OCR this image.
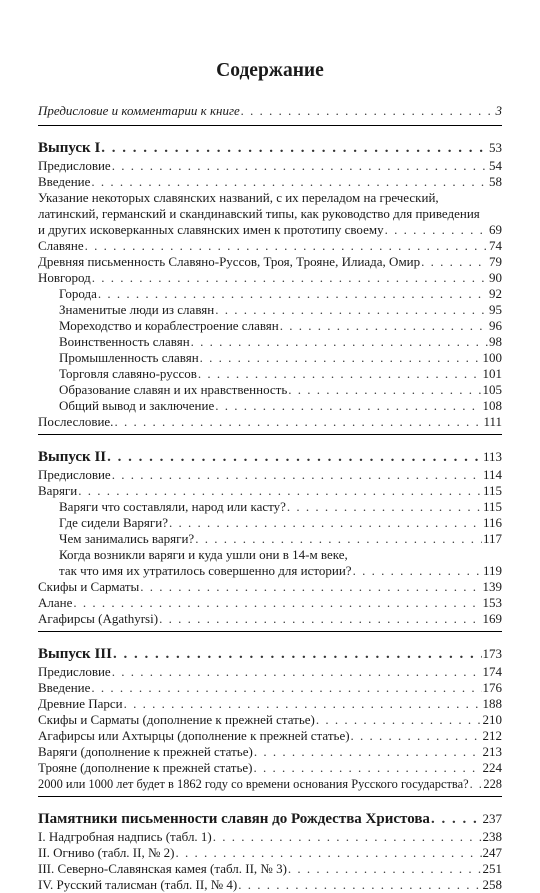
Содержание
Предисловие и комментарии к книге . . .	3
Выпуск I . . .	53
Предисловие . . .	54
Введение . . .	58
Указание некоторых славянских названий, с их переладом на греческий,
латинский, германский и скандинавский типы, как руководство для приведения
и других исковерканных славянских имен к прототипу своему . . .	69
Славяне . . .	74
Древняя письменность Славяно-Руссов, Троя, Трояне, Илиада, Омир . . .	79
Новгород . . .	90
Города . . .	92
Знаменитые люди из славян . . .	95
Мореходство и кораблестроение славян . . .	96
Воинственность славян . . .	98
Промышленность славян . . .	100
Торговля славяно-руссов . . .	101
Образование славян и их нравственность . . .	105
Общий вывод и заключение . . .	108
Послесловие. . . .	111
Выпуск II . . .	113
Предисловие . . .	114
Варяги . . .	115
Варяги что составляли, народ или касту? . . .	115
Где сидели Варяги? . . .	116
Чем занимались варяги? . . .	117
Когда возникли варяги и куда ушли они в 14-м веке,
так что имя их утратилось совершенно для истории? . . .	119
Скифы и Сарматы . . .	139
Алане . . .	153
Агафирсы (Agathyrsi) . . .	169
Выпуск III . . .	173
Предисловие . . .	174
Введение . . .	176
Древние Парси . . .	188
Скифы и Сарматы (дополнение к прежней статье) . . .	210
Агафирсы или Ахтырцы (дополнение к прежней статье) . . .	212
Варяги (дополнение к прежней статье) . . .	213
Трояне (дополнение к прежней статье) . . .	224
2000 или 1000 лет будет в 1862 году со времени основания Русского государства? . . . 228
Памятники письменности славян до Рождества Христова . . .	237
I. Надгробная надпись (табл. 1) . . .	238
II. Огниво (табл. II, № 2) . . .	247
III. Северно-Славянская камея (табл. II, № 3) . . .	251
IV. Русский талисман (табл. II, № 4) . . .	258
